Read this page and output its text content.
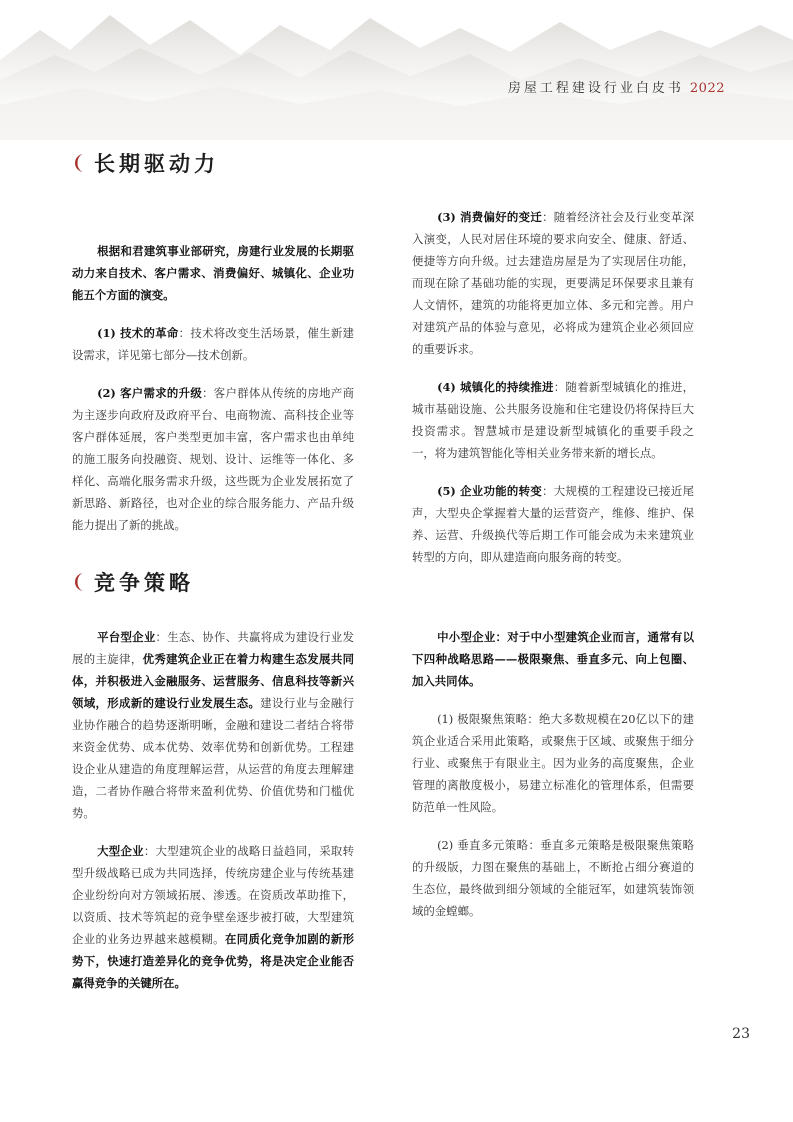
房屋工程建设行业白皮书 2022
长期驱动力

根据和君建筑事业部研究，房建行业发展的长期驱动力来自技术、客户需求、消费偏好、城镇化、企业功能五个方面的演变。

(1) 技术的革命：技术将改变生活场景，催生新建设需求，详见第七部分—技术创新。

(2) 客户需求的升级：客户群体从传统的房地产商为主逐步向政府及政府平台、电商物流、高科技企业等客户群体延展，客户类型更加丰富，客户需求也由单纯的施工服务向投融资、规划、设计、运维等一体化、多样化、高端化服务需求升级，这些既为企业发展拓宽了新思路、新路径，也对企业的综合服务能力、产品升级能力提出了新的挑战。

(3) 消费偏好的变迁：随着经济社会及行业变革深入演变，人民对居住环境的要求向安全、健康、舒适、便捷等方向升级。过去建造房屋是为了实现居住功能，而现在除了基础功能的实现，更要满足环保要求且兼有人文情怀，建筑的功能将更加立体、多元和完善。用户对建筑产品的体验与意见，必将成为建筑企业必须回应的重要诉求。

(4) 城镇化的持续推进：随着新型城镇化的推进，城市基础设施、公共服务设施和住宅建设仍将保持巨大投资需求。智慧城市是建设新型城镇化的重要手段之一，将为建筑智能化等相关业务带来新的增长点。

(5) 企业功能的转变：大规模的工程建设已接近尾声，大型央企掌握着大量的运营资产，维修、维护、保养、运营、升级换代等后期工作可能会成为未来建筑业转型的方向，即从建造商向服务商的转变。

竞争策略

平台型企业：生态、协作、共赢将成为建设行业发展的主旋律，优秀建筑企业正在着力构建生态发展共同体，并积极进入金融服务、运营服务、信息科技等新兴领域，形成新的建设行业发展生态。建设行业与金融行业协作融合的趋势逐渐明晰，金融和建设二者结合将带来资金优势、成本优势、效率优势和创新优势。工程建设企业从建造的角度理解运营，从运营的角度去理解建造，二者协作融合将带来盈利优势、价值优势和门槛优势。

大型企业：大型建筑企业的战略日益趋同，采取转型升级战略已成为共同选择，传统房建企业与传统基建企业纷纷向对方领域拓展、渗透。在资质改革助推下，以资质、技术等筑起的竞争壁垒逐步被打破，大型建筑企业的业务边界越来越模糊。在同质化竞争加剧的新形势下，快速打造差异化的竞争优势，将是决定企业能否赢得竞争的关键所在。

中小型企业：对于中小型建筑企业而言，通常有以下四种战略思路——极限聚焦、垂直多元、向上包圈、加入共同体。

(1) 极限聚焦策略：绝大多数规模在20亿以下的建筑企业适合采用此策略，或聚焦于区域、或聚焦于细分行业、或聚焦于有限业主。因为业务的高度聚焦，企业管理的离散度极小，易建立标准化的管理体系，但需要防范单一性风险。

(2) 垂直多元策略：垂直多元策略是极限聚焦策略的升级版，力图在聚焦的基础上，不断抢占细分赛道的生态位，最终做到细分领域的全能冠军，如建筑装饰领域的金螳螂。

23
